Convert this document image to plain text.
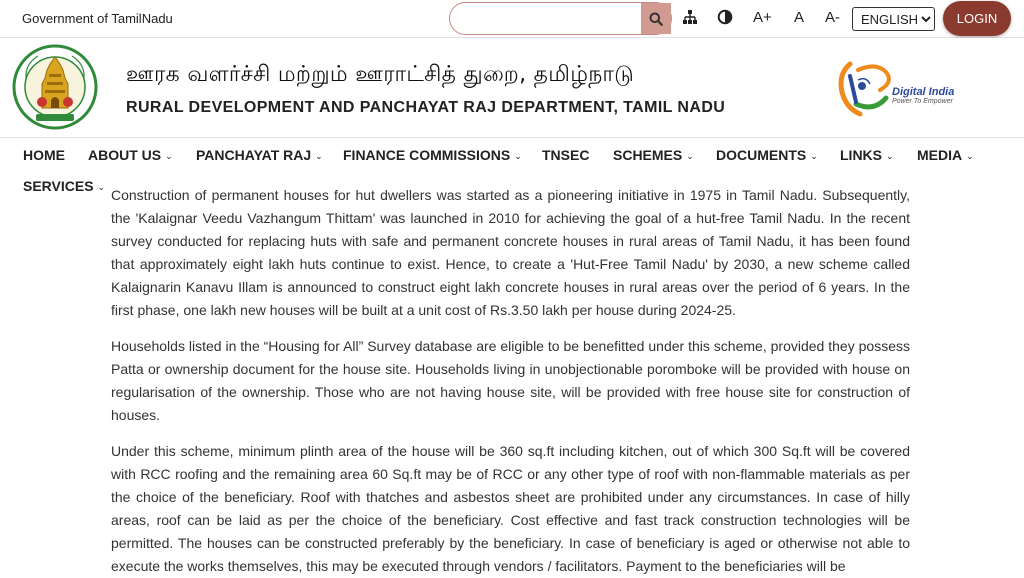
Government of TamilNadu	A+ A A-
ENGLISH	LOGIN
ஊரக வளர்ச்சி மற்றும் ஊராட்சித் துறை, தமிழ்நாடு
RURAL DEVELOPMENT AND PANCHAYAT RAJ DEPARTMENT, TAMIL NADU
Digital India
Power To Empower
HOME ABOUT US ⌄ PANCHAYAT RAJ ⌄ FINANCE COMMISSIONS ⌄ TNSEC SCHEMES ⌄ DOCUMENTS ⌄ LINKS ⌄ MEDIA ⌄
SERVICES ⌄

Construction of permanent houses for hut dwellers was started as a pioneering initiative in 1975 in Tamil Nadu. Subsequently, the 'Kalaignar Veedu Vazhangum Thittam' was launched in 2010 for achieving the goal of a hut-free Tamil Nadu. In the recent survey conducted for replacing huts with safe and permanent concrete houses in rural areas of Tamil Nadu, it has been found that approximately eight lakh huts continue to exist. Hence, to create a 'Hut-Free Tamil Nadu' by 2030, a new scheme called Kalaignarin Kanavu Illam is announced to construct eight lakh concrete houses in rural areas over the period of 6 years. In the first phase, one lakh new houses will be built at a unit cost of Rs.3.50 lakh per house during 2024-25.

Households listed in the “Housing for All” Survey database are eligible to be benefitted under this scheme, provided they possess Patta or ownership document for the house site. Households living in unobjectionable poromboke will be provided with house on regularisation of the ownership. Those who are not having house site, will be provided with free house site for construction of houses.

Under this scheme, minimum plinth area of the house will be 360 sq.ft including kitchen, out of which 300 Sq.ft will be covered with RCC roofing and the remaining area 60 Sq.ft may be of RCC or any other type of roof with non-flammable materials as per the choice of the beneficiary. Roof with thatches and asbestos sheet are prohibited under any circumstances. In case of hilly areas, roof can be laid as per the choice of the beneficiary. Cost effective and fast track construction technologies will be permitted. The houses can be constructed preferably by the beneficiary. In case of beneficiary is aged or otherwise not able to execute the works themselves, this may be executed through vendors / facilitators. Payment to the beneficiaries will be
